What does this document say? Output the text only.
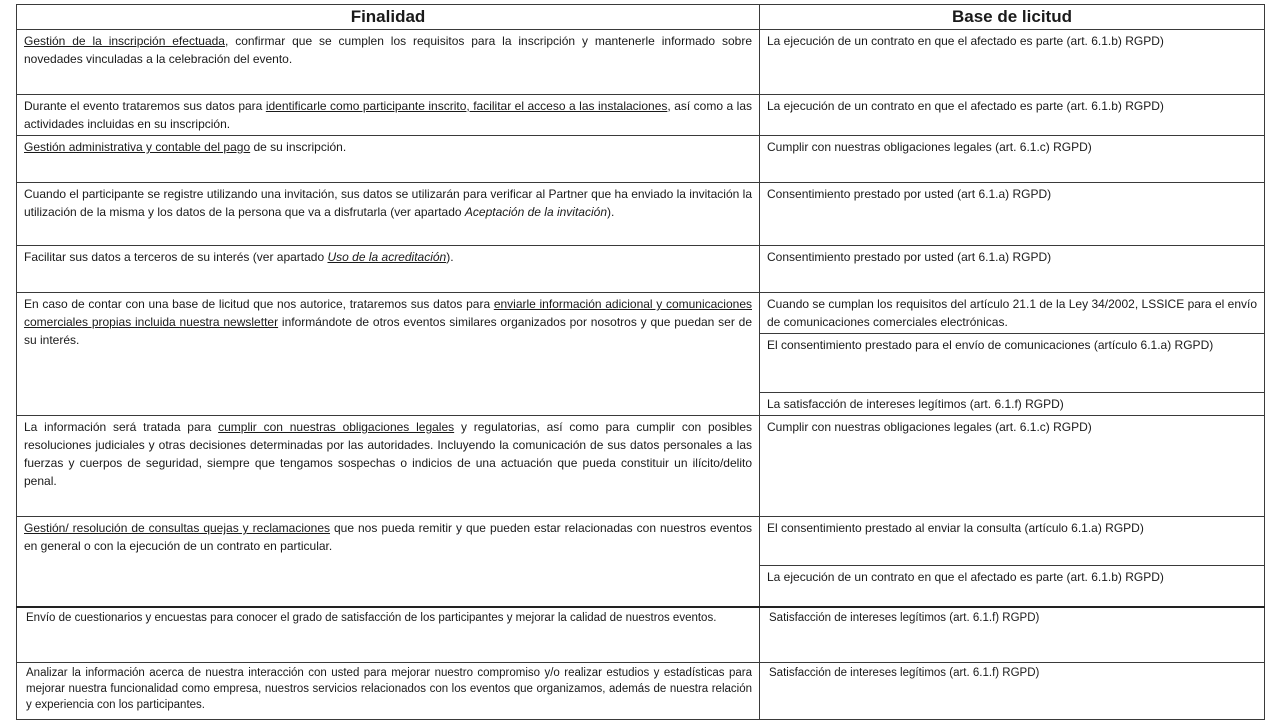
Finalidad	Base de licitud
Gestión de la inscripción efectuada, confirmar que se cumplen los requisitos para la inscripción y mantenerle informado sobre novedades vinculadas a la celebración del evento.	La ejecución de un contrato en que el afectado es parte (art. 6.1.b) RGPD)
Durante el evento trataremos sus datos para identificarle como participante inscrito, facilitar el acceso a las instalaciones, así como a las actividades incluidas en su inscripción.	La ejecución de un contrato en que el afectado es parte (art. 6.1.b) RGPD)
Gestión administrativa y contable del pago de su inscripción.	Cumplir con nuestras obligaciones legales (art. 6.1.c) RGPD)
Cuando el participante se registre utilizando una invitación, sus datos se utilizarán para verificar al Partner que ha enviado la invitación la utilización de la misma y los datos de la persona que va a disfrutarla (ver apartado Aceptación de la invitación).	Consentimiento prestado por usted (art 6.1.a) RGPD)
Facilitar sus datos a terceros de su interés (ver apartado Uso de la acreditación).	Consentimiento prestado por usted (art 6.1.a) RGPD)
En caso de contar con una base de licitud que nos autorice, trataremos sus datos para enviarle información adicional y comunicaciones comerciales propias incluida nuestra newsletter informándote de otros eventos similares organizados por nosotros y que puedan ser de su interés.	Cuando se cumplan los requisitos del artículo 21.1 de la Ley 34/2002, LSSICE para el envío de comunicaciones comerciales electrónicas.
	El consentimiento prestado para el envío de comunicaciones (artículo 6.1.a) RGPD)
	La satisfacción de intereses legítimos (art. 6.1.f) RGPD)
La información será tratada para cumplir con nuestras obligaciones legales y regulatorias, así como para cumplir con posibles resoluciones judiciales y otras decisiones determinadas por las autoridades. Incluyendo la comunicación de sus datos personales a las fuerzas y cuerpos de seguridad, siempre que tengamos sospechas o indicios de una actuación que pueda constituir un ilícito/delito penal.	Cumplir con nuestras obligaciones legales (art. 6.1.c) RGPD)
Gestión/ resolución de consultas quejas y reclamaciones que nos pueda remitir y que pueden estar relacionadas con nuestros eventos en general o con la ejecución de un contrato en particular.	El consentimiento prestado al enviar la consulta (artículo 6.1.a) RGPD)
	La ejecución de un contrato en que el afectado es parte (art. 6.1.b) RGPD)
Envío de cuestionarios y encuestas para conocer el grado de satisfacción de los participantes y mejorar la calidad de nuestros eventos.	Satisfacción de intereses legítimos (art. 6.1.f) RGPD)
Analizar la información acerca de nuestra interacción con usted para mejorar nuestro compromiso y/o realizar estudios y estadísticas para mejorar nuestra funcionalidad como empresa, nuestros servicios relacionados con los eventos que organizamos, además de nuestra relación y experiencia con los participantes.	Satisfacción de intereses legítimos (art. 6.1.f) RGPD)
